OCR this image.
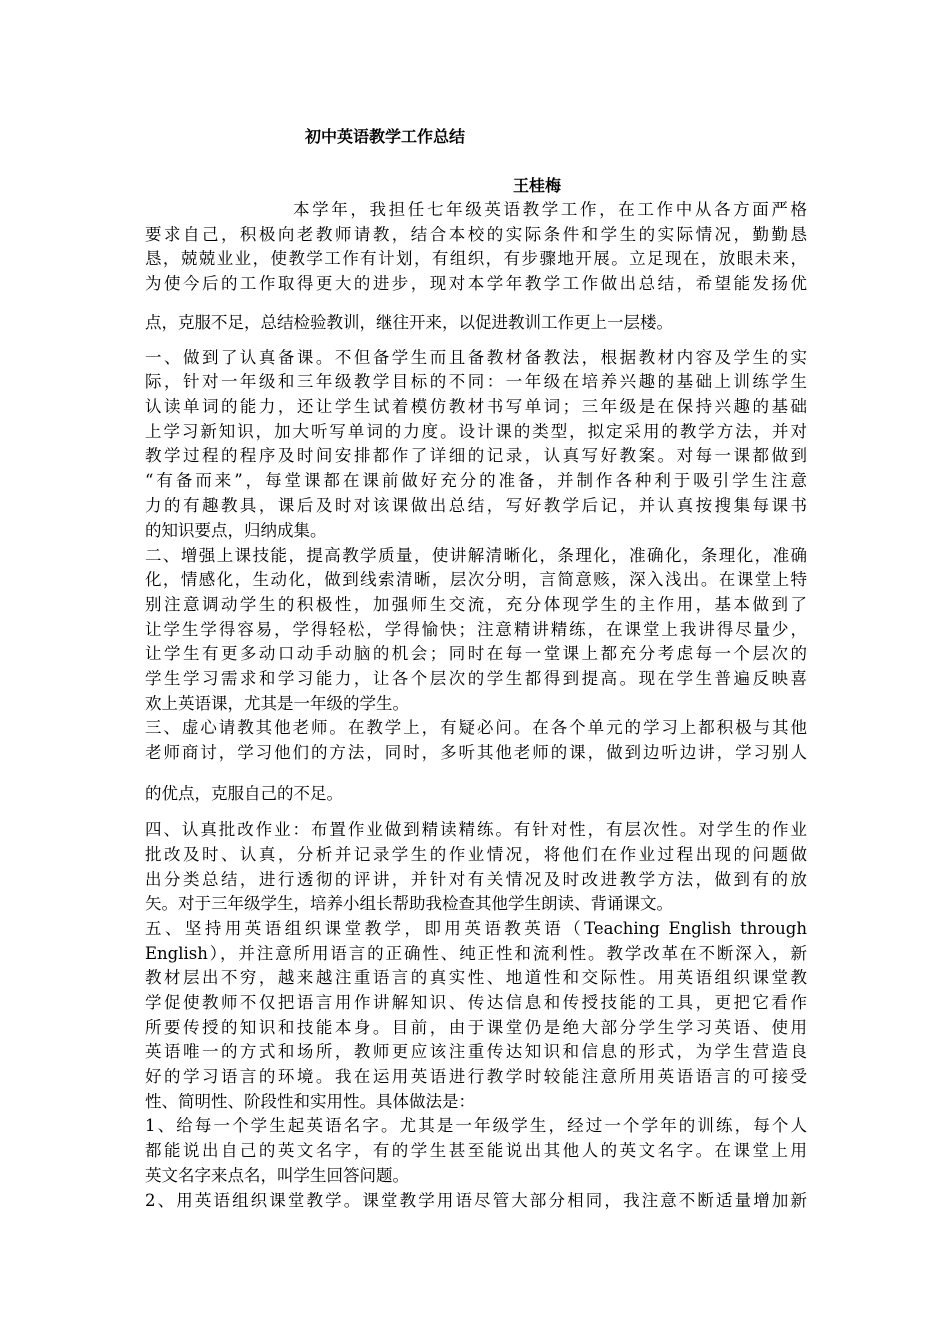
初中英语教学工作总结
王桂梅
本学年，我担任七年级英语教学工作，在工作中从各方面严格
要求自己，积极向老教师请教，结合本校的实际条件和学生的实际情况，勤勤恳
恳，兢兢业业，使教学工作有计划，有组织，有步骤地开展。立足现在，放眼未来，
为使今后的工作取得更大的进步，现对本学年教学工作做出总结，希望能发扬优
点，克服不足，总结检验教训，继往开来，以促进教训工作更上一层楼。
一、做到了认真备课。不但备学生而且备教材备教法，根据教材内容及学生的实
际，针对一年级和三年级教学目标的不同：一年级在培养兴趣的基础上训练学生
认读单词的能力，还让学生试着模仿教材书写单词；三年级是在保持兴趣的基础
上学习新知识，加大听写单词的力度。设计课的类型，拟定采用的教学方法，并对
教学过程的程序及时间安排都作了详细的记录，认真写好教案。对每一课都做到
“有备而来”，每堂课都在课前做好充分的准备，并制作各种利于吸引学生注意
力的有趣教具，课后及时对该课做出总结，写好教学后记，并认真按搜集每课书
的知识要点，归纳成集。
二、增强上课技能，提高教学质量，使讲解清晰化，条理化，准确化，条理化，准确
化，情感化，生动化，做到线索清晰，层次分明，言简意赅，深入浅出。在课堂上特
别注意调动学生的积极性，加强师生交流，充分体现学生的主作用，基本做到了
让学生学得容易，学得轻松，学得愉快；注意精讲精练，在课堂上我讲得尽量少，
让学生有更多动口动手动脑的机会；同时在每一堂课上都充分考虑每一个层次的
学生学习需求和学习能力，让各个层次的学生都得到提高。现在学生普遍反映喜
欢上英语课，尤其是一年级的学生。
三、虚心请教其他老师。在教学上，有疑必问。在各个单元的学习上都积极与其他
老师商讨，学习他们的方法，同时，多听其他老师的课，做到边听边讲，学习别人
的优点，克服自己的不足。
四、认真批改作业：布置作业做到精读精练。有针对性，有层次性。对学生的作业
批改及时、认真，分析并记录学生的作业情况，将他们在作业过程出现的问题做
出分类总结，进行透彻的评讲，并针对有关情况及时改进教学方法，做到有的放
矢。对于三年级学生，培养小组长帮助我检查其他学生朗读、背诵课文。
五、坚持用英语组织课堂教学，即用英语教英语（Teaching English through
English），并注意所用语言的正确性、纯正性和流利性。教学改革在不断深入，新
教材层出不穷，越来越注重语言的真实性、地道性和交际性。用英语组织课堂教
学促使教师不仅把语言用作讲解知识、传达信息和传授技能的工具，更把它看作
所要传授的知识和技能本身。目前，由于课堂仍是绝大部分学生学习英语、使用
英语唯一的方式和场所，教师更应该注重传达知识和信息的形式，为学生营造良
好的学习语言的环境。我在运用英语进行教学时较能注意所用英语语言的可接受
性、简明性、阶段性和实用性。具体做法是：
1、给每一个学生起英语名字。尤其是一年级学生，经过一个学年的训练，每个人
都能说出自己的英文名字，有的学生甚至能说出其他人的英文名字。在课堂上用
英文名字来点名，叫学生回答问题。
2、用英语组织课堂教学。课堂教学用语尽管大部分相同，我注意不断适量增加新
